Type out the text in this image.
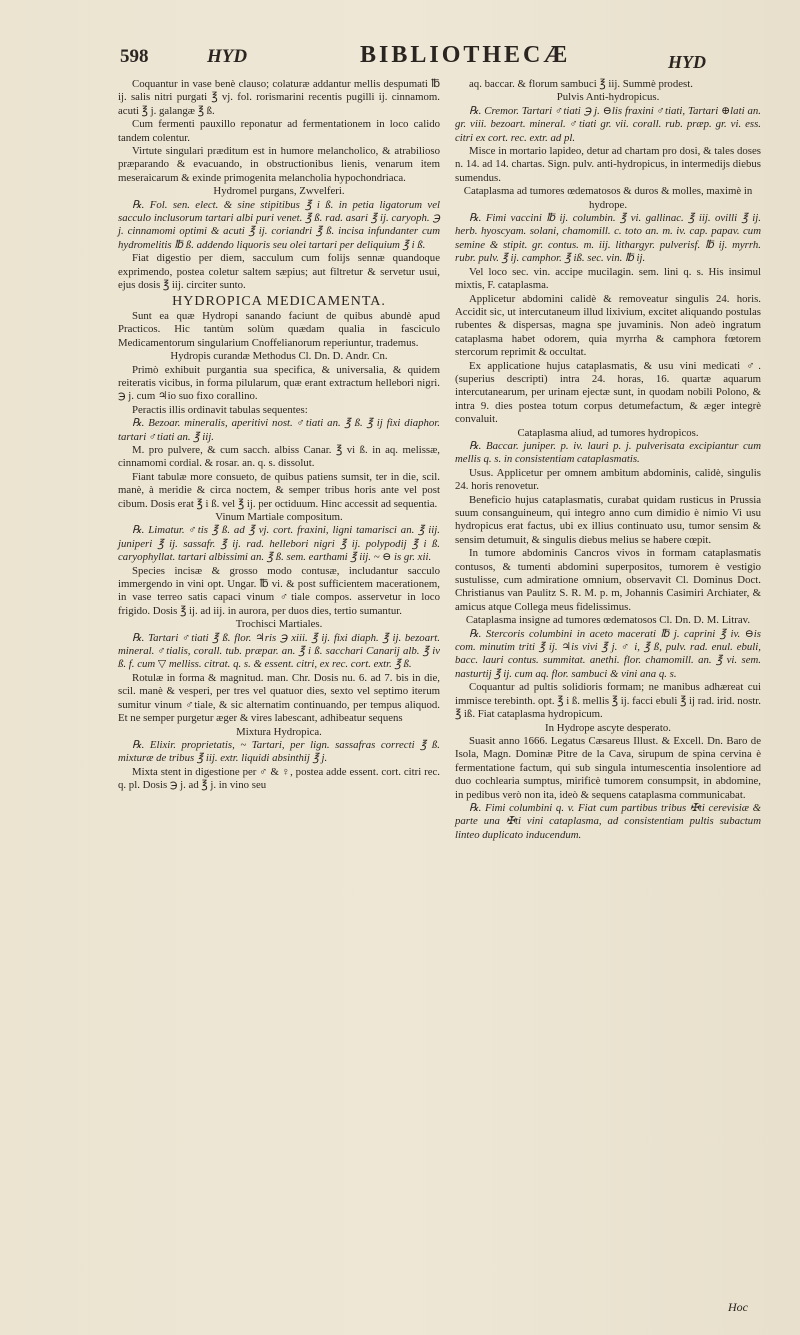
598	HYD	BIBLIOTHECÆ	HYD

Coquantur in vase benè clauso; colaturæ addantur mellis despumati ℔ ij. salis nitri purgati ℥ vj. fol. rorismarini recentis pugilli ij. cinnamom. acuti ℥ j. galangæ ℥ ß.

Cum fermenti pauxillo reponatur ad fermentationem in loco calido tandem colentur.

Virtute singulari præditum est in humore melancholico, & atrabilioso præparando & evacuando, in obstructionibus lienis, venarum item meseraicarum & exinde primogenita melancholia hypochondriaca.

Hydromel purgans, Zwvelferi.

℞. Fol. sen. elect. & sine stipitibus ℥ i ß. in petia ligatorum vel sacculo inclusorum tartari albi puri venet. ℥ ß. rad. asari ℥ ij. caryoph. ℈ j. cinnamomi optimi & acuti ℥ ij. coriandri ℥ ß. incisa infundanter cum hydromelitis ℔ ß. addendo liquoris seu olei tartari per deliquium ℥ i ß.

Fiat digestio per diem, sacculum cum folijs sennæ quandoque exprimendo, postea coletur saltem sæpius; aut filtretur & servetur usui, ejus dosis ℥ iij. circiter sunto.

HYDROPICA MEDICAMENTA.

Sunt ea quæ Hydropi sanando faciunt de quibus abundè apud Practicos. Hic tantùm solùm quædam qualia in fasciculo Medicamentorum singularium Cnoffelianorum reperiuntur, trademus.

Hydropis curandæ Methodus Cl. Dn. D. Andr. Cn.

Primò exhibuit purgantia sua specifica, & universalia, & quidem reiteratis vicibus, in forma pilularum, quæ erant extractum hellebori nigri. ℈ j. cum ♃io suo fixo corallino.

Peractis illis ordinavit tabulas sequentes:

℞. Bezoar. mineralis, aperitivi nost. ♂tiati an. ℥ ß. ℥ ij fixi diaphor. tartari ♂tiati an. ℥ iij.

M. pro pulvere, & cum sacch. albiss Canar. ℥ vi ß. in aq. melissæ, cinnamomi cordial. & rosar. an. q. s. dissolut.

Fiant tabulæ more consueto, de quibus patiens sumsit, ter in die, scil. manè, à meridie & circa noctem, & semper tribus horis ante vel post cibum. Dosis erat ℥ i ß. vel ℥ ij. per octiduum. Hinc accessit ad sequentia.

Vinum Martiale compositum.

℞. Limatur. ♂tis ℥ ß. ad ℥ vj. cort. fraxini, ligni tamarisci an. ℥ iij. juniperi ℥ ij. sassafr. ℥ ij. rad. hellebori nigri ℥ ij. polypodij ℥ i ß. caryophyllat. tartari albissimi an. ℥ ß. sem. earthami ℥ iij. ~ ⊖ is gr. xii.

Species incisæ & grosso modo contusæ, includantur sacculo immergendo in vini opt. Ungar. ℔ vi. & post sufficientem macerationem, in vase terreo satis capaci vinum ♂tiale compos. asservetur in loco frigido. Dosis ℥ ij. ad iij. in aurora, per duos dies, tertio sumantur.

Trochisci Martiales.

℞. Tartari ♂tiati ℥ ß. flor. ♃ris ℈ xiii. ℥ ij. fixi diaph. ℥ ij. bezoart. mineral. ♂tialis, corall. tub. præpar. an. ℥ i ß. sacchari Canarij alb. ℥ iv ß. f. cum ▽ melliss. citrat. q. s. & essent. citri, ex rec. cort. extr. ℥ ß.

Rotulæ in forma & magnitud. man. Chr. Dosis nu. 6. ad 7. bis in die, scil. manè & vesperi, per tres vel quatuor dies, sexto vel septimo iterum sumitur vinum ♂tiale, & sic alternatim continuando, per tempus aliquod. Et ne semper purgetur æger & vires labescant, adhibeatur sequens

Mixtura Hydropica.

℞. Elixir. proprietatis, ~ Tartari, per lign. sassafras correcti ℥ ß. mixturæ de tribus ℥ iij. extr. liquidi absinthij ℥ j.

Mixta stent in digestione per ♂ & ♀, postea adde essent. cort. citri rec. q. pl. Dosis ℈ j. ad ℥ j. in vino seu

aq. baccar. & florum sambuci ℥ iij. Summè prodest.

Pulvis Anti-hydropicus.

℞. Cremor. Tartari ♂tiati ℈ j. ⊖lis fraxini ♂tiati, Tartari ⊕lati an. gr. viii. bezoart. mineral. ♂tiati gr. vii. corall. rub. præp. gr. vi. ess. citri ex cort. rec. extr. ad pl.

Misce in mortario lapideo, detur ad chartam pro dosi, & tales doses n. 14. ad 14. chartas. Sign. pulv. anti-hydropicus, in intermedijs diebus sumendus.

Cataplasma ad tumores œdematosos & duros & molles, maximè in hydrope.

℞. Fimi vaccini ℔ ij. columbin. ℥ vi. gallinac. ℥ iij. ovilli ℥ ij. herb. hyoscyam. solani, chamomill. c. toto an. m. iv. cap. papav. cum semine & stipit. gr. contus. m. iij. lithargyr. pulverisf. ℔ ij. myrrh. rubr. pulv. ℥ ij. camphor. ℥ iß. sec. vin. ℔ ij.

Vel loco sec. vin. accipe mucilagin. sem. lini q. s. His insimul mixtis, F. cataplasma.

Applicetur abdomini calidè & removeatur singulis 24. horis. Accidit sic, ut intercutaneum illud lixivium, excitet aliquando postulas rubentes & dispersas, magna spe juvaminis. Non adeò ingratum cataplasma habet odorem, quia myrrha & camphora fœtorem stercorum reprimit & occultat.

Ex applicatione hujus cataplasmatis, & usu vini medicati ♂. (superius descripti) intra 24. horas, 16. quartæ aquarum intercutanearum, per urinam ejectæ sunt, in quodam nobili Polono, & intra 9. dies postea totum corpus detumefactum, & æger integrè convaluit.

Cataplasma aliud, ad tumores hydropicos.

℞. Baccar. juniper. p. iv. lauri p. j. pulverisata excipiantur cum mellis q. s. in consistentiam cataplasmatis.

Usus. Applicetur per omnem ambitum abdominis, calidè, singulis 24. horis renovetur.

Beneficio hujus cataplasmatis, curabat quidam rusticus in Prussia suum consanguineum, qui integro anno cum dimidio è nimio Vi usu hydropicus erat factus, ubi ex illius continuato usu, tumor sensim & sensim detumuit, & singulis diebus melius se habere cœpit.

In tumore abdominis Cancros vivos in formam cataplasmatis contusos, & tumenti abdomini superpositos, tumorem è vestigio sustulisse, cum admiratione omnium, observavit Cl. Dominus Doct. Christianus van Paulitz S. R. M. p. m, Johannis Casimiri Archiater, & amicus atque Collega meus fidelissimus.

Cataplasma insigne ad tumores œdematosos Cl. Dn. D. M. Litrav.

℞. Stercoris columbini in aceto macerati ℔ j. caprini ℥ iv. ⊖is com. minutim triti ℥ ij. ♃is vivi ℥ j. ♂ i, ℥ ß, pulv. rad. enul. ebuli, bacc. lauri contus. summitat. anethi. flor. chamomill. an. ℥ vi. sem. nasturtij ℥ ij. cum aq. flor. sambuci & vini ana q. s.

Coquantur ad pultis solidioris formam; ne manibus adhæreat cui immisce terebinth. opt. ℥ i ß. mellis ℥ ij. facci ebuli ℥ ij rad. irid. nostr. ℥ iß. Fiat cataplasma hydropicum.

In Hydrope ascyte desperato.

Suasit anno 1666. Legatus Cæsareus Illust. & Excell. Dn. Baro de Isola, Magn. Dominæ Pitre de la Cava, sirupum de spina cervina è fermentatione factum, qui sub singula intumescentia insolentiore ad duo cochlearia sumptus, mirificè tumorem consumpsit, in abdomine, in pedibus verò non ita, ideò & sequens cataplasma communicabat.

℞. Fimi columbini q. v. Fiat cum partibus tribus ✠ti cerevisiæ & parte una ✠ti vini cataplasma, ad consistentiam pultis subactum linteo duplicato inducendum.

Hoc
